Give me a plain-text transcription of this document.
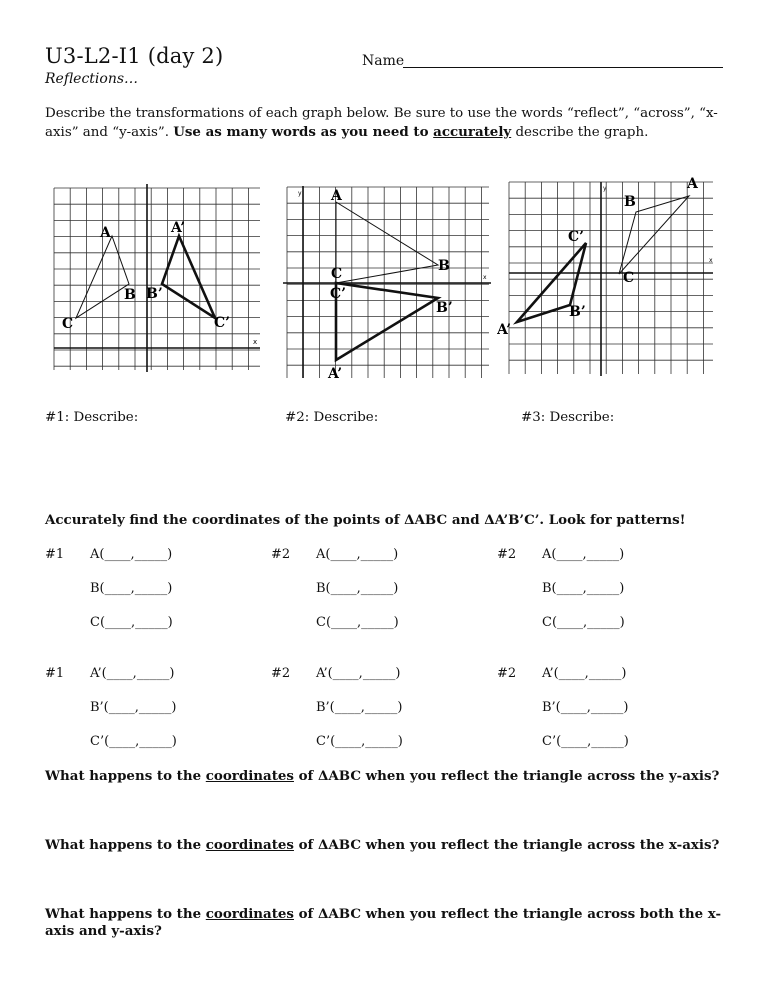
U3-L2-I1 (day 2)
Reflections…
Name
Describe the transformations of each graph below. Be sure to use the words “reflect”, “across”, “x-axis” and “y-axis”. Use as many words as you need to accurately describe the graph.
A
B
C
A’
B’
C’
x
A
B
C
A’
B’
C’
y
x
A
B
C
A’
B’
C’
y
x
#1: Describe:	#2: Describe:	#3: Describe:
Accurately find the coordinates of the points of ΔABC and ΔA’B’C’. Look for patterns!
#1 A(____,_____)
B(____,_____)
C(____,_____)
#2 A(____,_____)
B(____,_____)
C(____,_____)
#2 A(____,_____)
B(____,_____)
C(____,_____)
#1 A’(____,_____)
B’(____,_____)
C’(____,_____)
#2 A’(____,_____)
B’(____,_____)
C’(____,_____)
#2 A’(____,_____)
B’(____,_____)
C’(____,_____)
What happens to the coordinates of ΔABC when you reflect the triangle across the y-axis?
What happens to the coordinates of ΔABC when you reflect the triangle across the x-axis?
What happens to the coordinates of ΔABC when you reflect the triangle across both the x-axis and y-axis?
